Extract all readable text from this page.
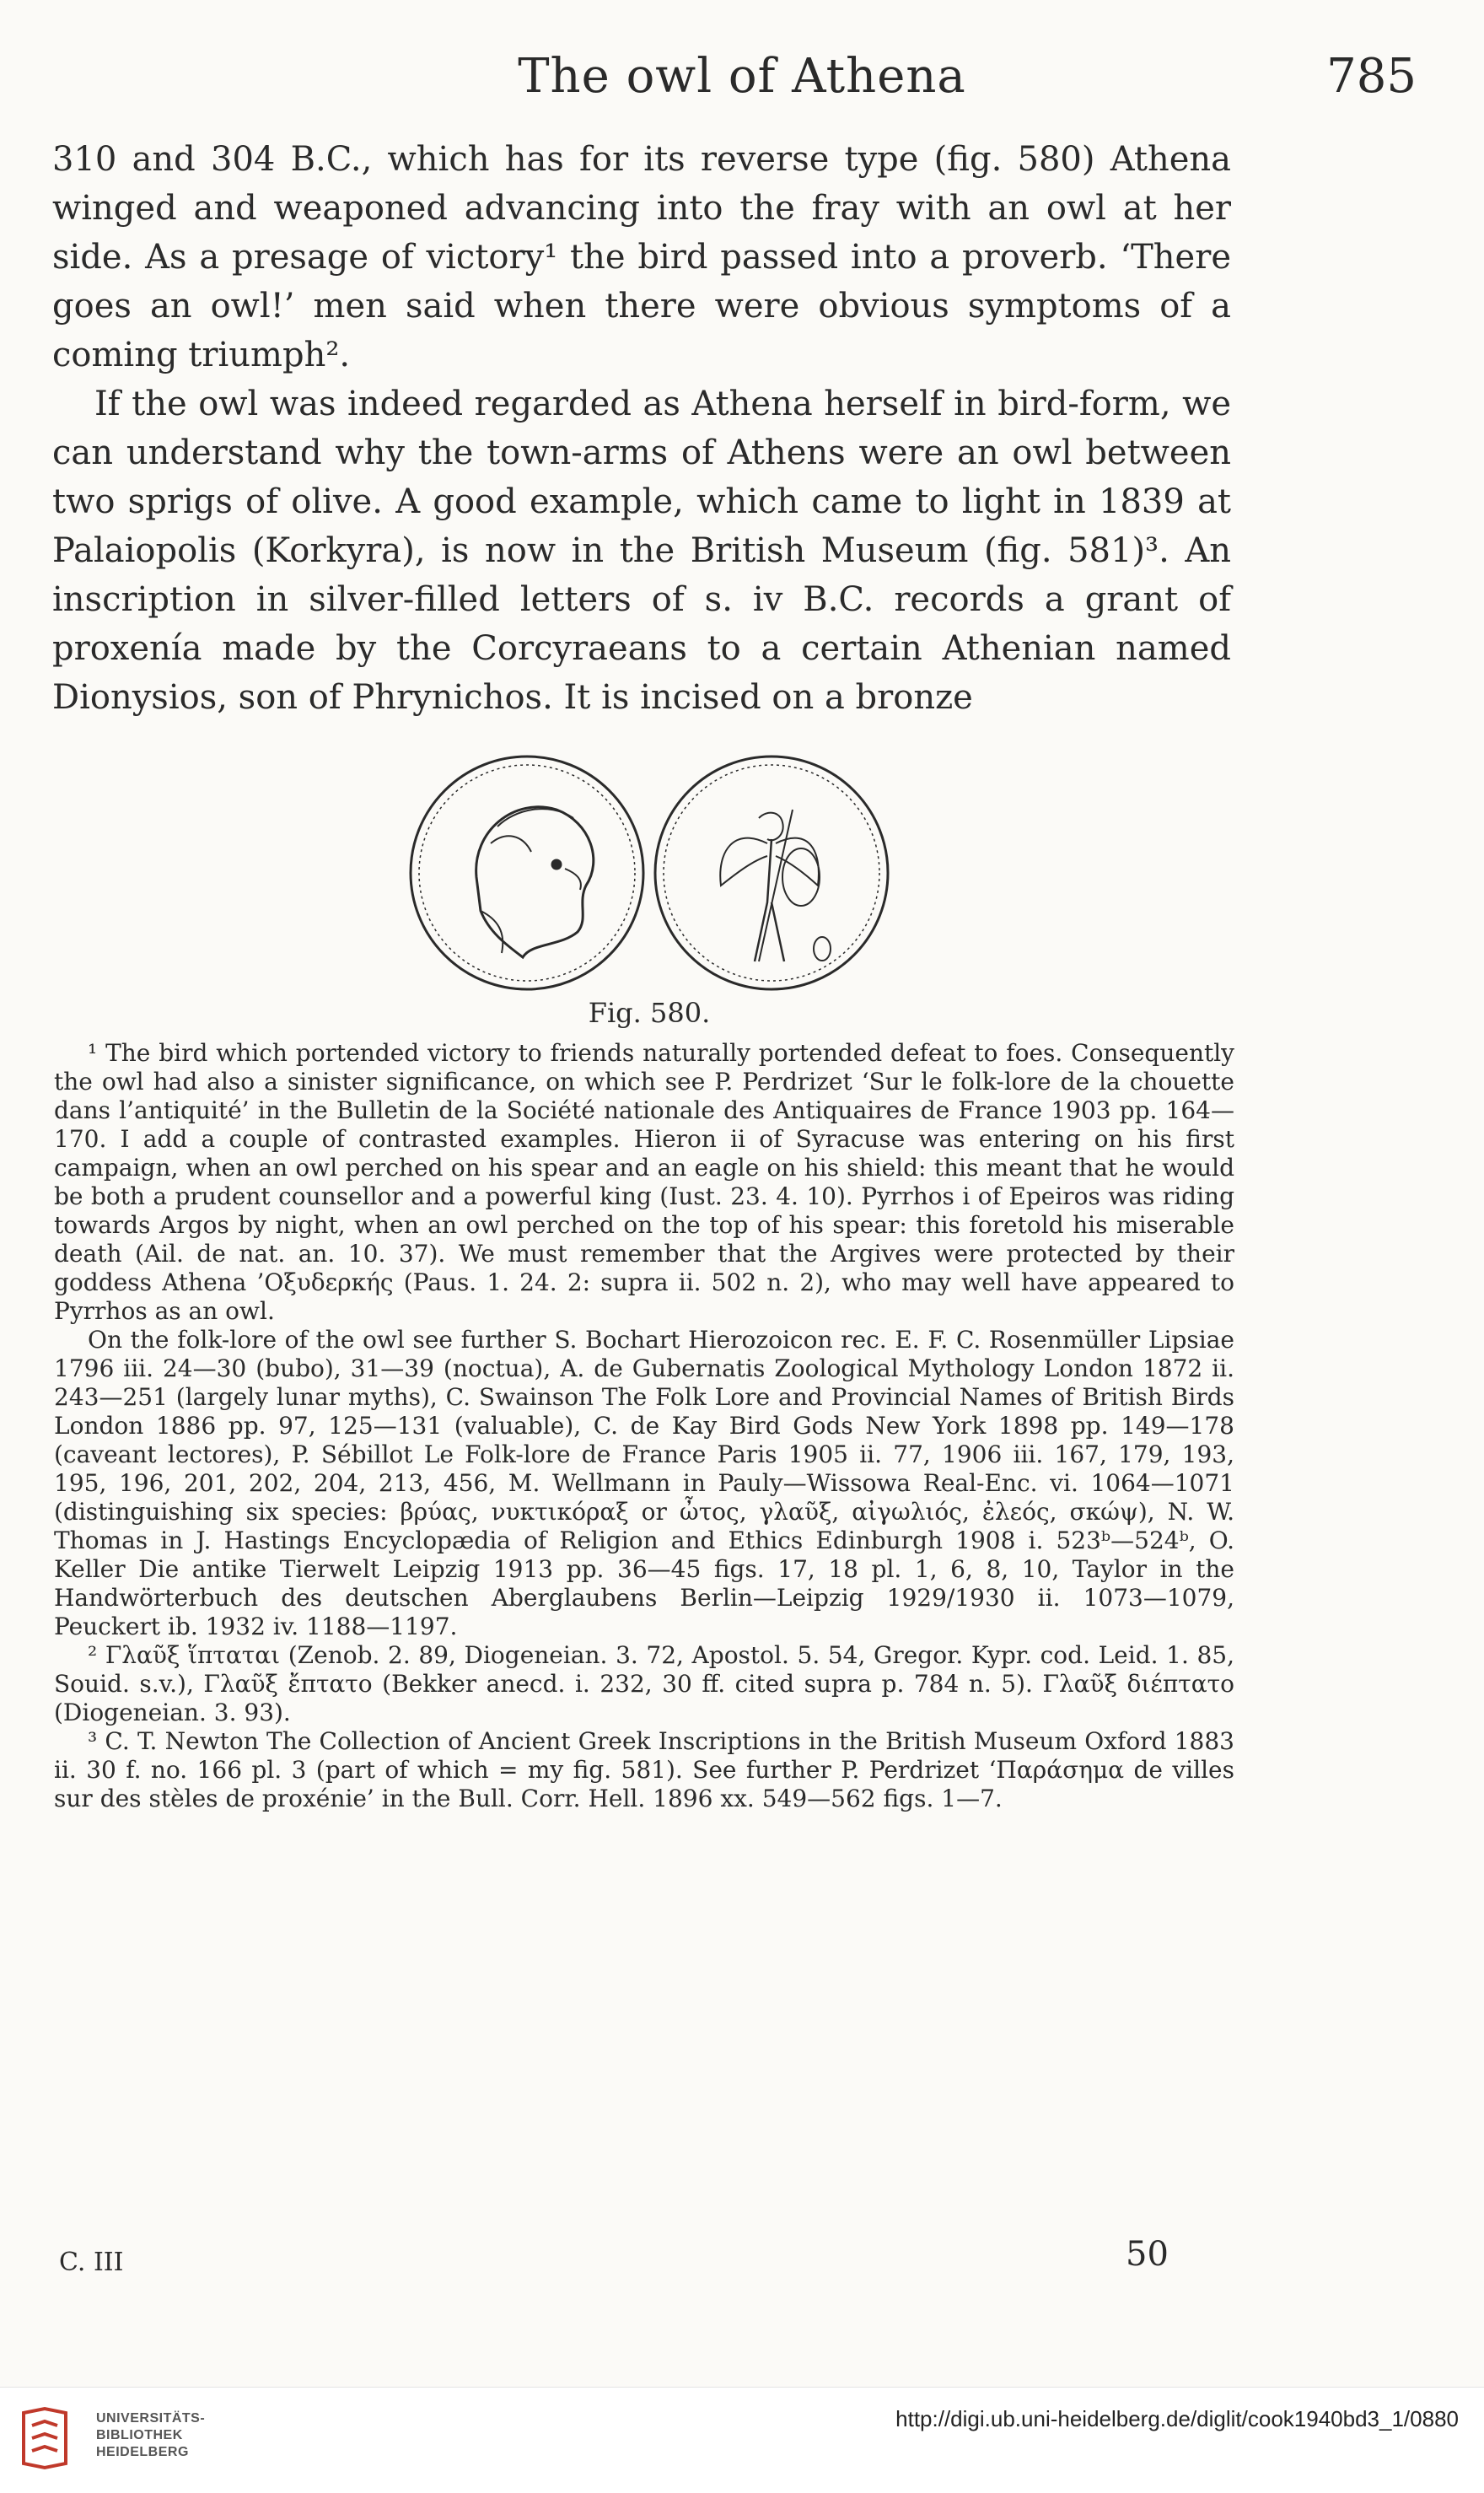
The owl of Athena	785

310 and 304 B.C., which has for its reverse type (fig. 580) Athena winged and weaponed advancing into the fray with an owl at her side. As a presage of victory¹ the bird passed into a proverb. ‘There goes an owl!’ men said when there were obvious symptoms of a coming triumph².

If the owl was indeed regarded as Athena herself in bird-form, we can understand why the town-arms of Athens were an owl between two sprigs of olive. A good example, which came to light in 1839 at Palaiopolis (Korkyra), is now in the British Museum (fig. 581)³. An inscription in silver-filled letters of s. iv B.C. records a grant of proxenía made by the Corcyraeans to a certain Athenian named Dionysios, son of Phrynichos. It is incised on a bronze

Fig. 580.

¹ The bird which portended victory to friends naturally portended defeat to foes. Consequently the owl had also a sinister significance, on which see P. Perdrizet ‘Sur le folk-lore de la chouette dans l’antiquité’ in the Bulletin de la Société nationale des Antiquaires de France 1903 pp. 164—170. I add a couple of contrasted examples. Hieron ii of Syracuse was entering on his first campaign, when an owl perched on his spear and an eagle on his shield: this meant that he would be both a prudent counsellor and a powerful king (Iust. 23. 4. 10). Pyrrhos i of Epeiros was riding towards Argos by night, when an owl perched on the top of his spear: this foretold his miserable death (Ail. de nat. an. 10. 37). We must remember that the Argives were protected by their goddess Athena ’Οξυδερκής (Paus. 1. 24. 2: supra ii. 502 n. 2), who may well have appeared to Pyrrhos as an owl.

On the folk-lore of the owl see further S. Bochart Hierozoicon rec. E. F. C. Rosenmüller Lipsiae 1796 iii. 24—30 (bubo), 31—39 (noctua), A. de Gubernatis Zoological Mythology London 1872 ii. 243—251 (largely lunar myths), C. Swainson The Folk Lore and Provincial Names of British Birds London 1886 pp. 97, 125—131 (valuable), C. de Kay Bird Gods New York 1898 pp. 149—178 (caveant lectores), P. Sébillot Le Folk-lore de France Paris 1905 ii. 77, 1906 iii. 167, 179, 193, 195, 196, 201, 202, 204, 213, 456, M. Wellmann in Pauly—Wissowa Real-Enc. vi. 1064—1071 (distinguishing six species: βρύας, νυκτικόραξ or ὦτος, γλαῦξ, αἰγωλιός, ἐλεός, σκώψ), N. W. Thomas in J. Hastings Encyclopædia of Religion and Ethics Edinburgh 1908 i. 523ᵇ—524ᵇ, O. Keller Die antike Tierwelt Leipzig 1913 pp. 36—45 figs. 17, 18 pl. 1, 6, 8, 10, Taylor in the Handwörterbuch des deutschen Aberglaubens Berlin—Leipzig 1929/1930 ii. 1073—1079, Peuckert ib. 1932 iv. 1188—1197.

² Γλαῦξ ἵπταται (Zenob. 2. 89, Diogeneian. 3. 72, Apostol. 5. 54, Gregor. Kypr. cod. Leid. 1. 85, Souid. s.v.), Γλαῦξ ἔπτατο (Bekker anecd. i. 232, 30 ff. cited supra p. 784 n. 5). Γλαῦξ διέπτατο (Diogeneian. 3. 93).

³ C. T. Newton The Collection of Ancient Greek Inscriptions in the British Museum Oxford 1883 ii. 30 f. no. 166 pl. 3 (part of which = my fig. 581). See further P. Perdrizet ‘Παράσημα de villes sur des stèles de proxénie’ in the Bull. Corr. Hell. 1896 xx. 549—562 figs. 1—7.

C. III	50
UNIVERSITÄTS-
BIBLIOTHEK
HEIDELBERG
http://digi.ub.uni-heidelberg.de/diglit/cook1940bd3_1/0880
